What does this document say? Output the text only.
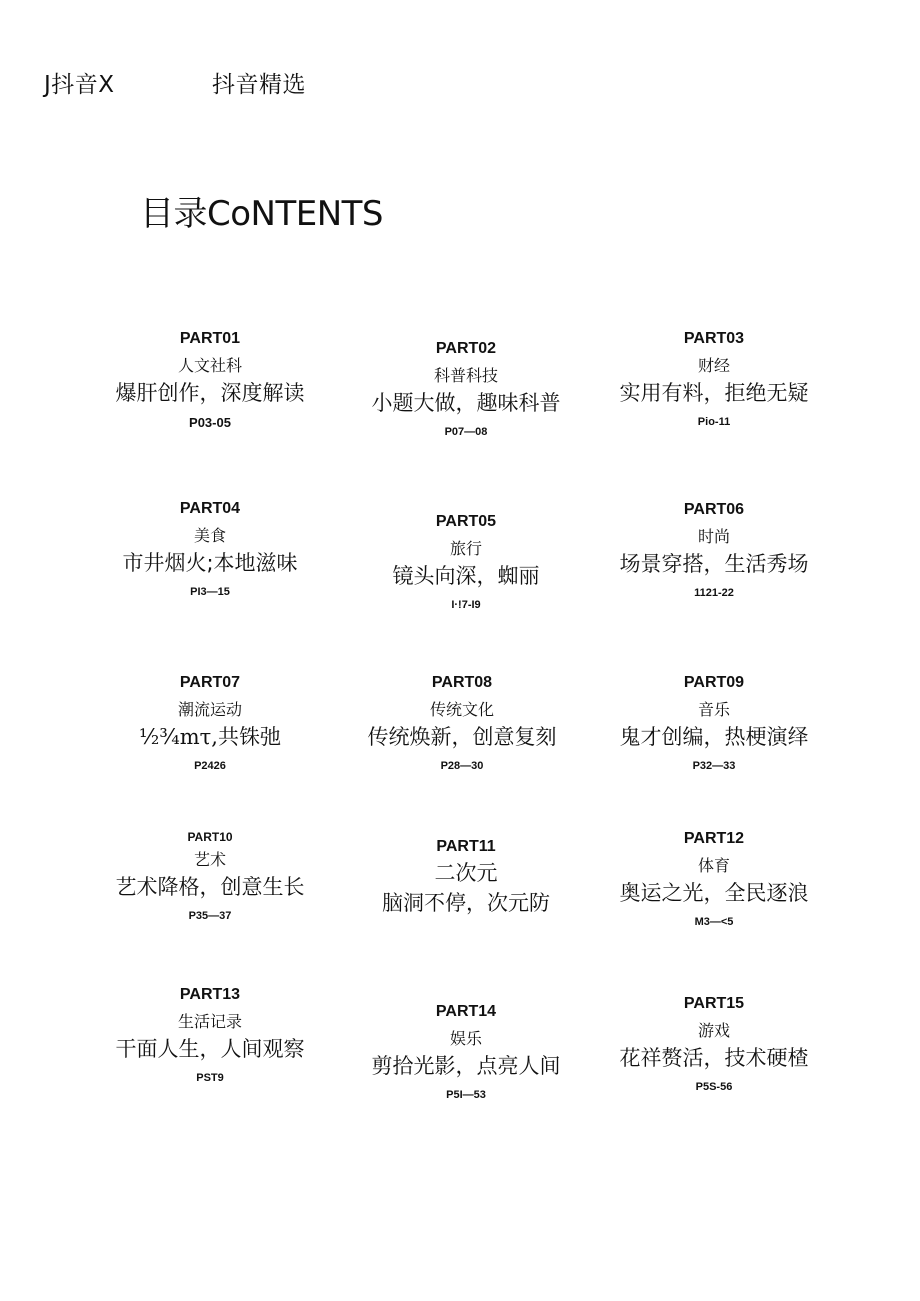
J抖音X	抖音精选
目录CoNTENTS
PART01
人文社科
爆肝创作，深度解读
P03-05
PART02
科普科技
小题大做，趣味科普
P07—08
PART03
财经
实用有料，拒绝无疑
Pio-11
PART04
美食
市井烟火;本地滋味
PI3—15
PART05
旅行
镜头向深，蜘丽
I·!7-I9
PART06
时尚
场景穿搭，生活秀场
1121-22
PART07
潮流运动
½¾mτ,共铢弛
P2426
PART08
传统文化
传统焕新，创意复刻
P28—30
PART09
音乐
鬼才创编，热梗演绎
P32—33
PART10
艺术
艺术降格，创意生长
P35—37
PART11
二次元
脑洞不停，次元防
PART12
体育
奥运之光，全民逐浪
M3—<5
PART13
生活记录
干面人生，人间观察
PST9
PART14
娱乐
剪拾光影，点亮人间
P5I—53
PART15
游戏
花祥赘活，技术硬楂
P5S-56
